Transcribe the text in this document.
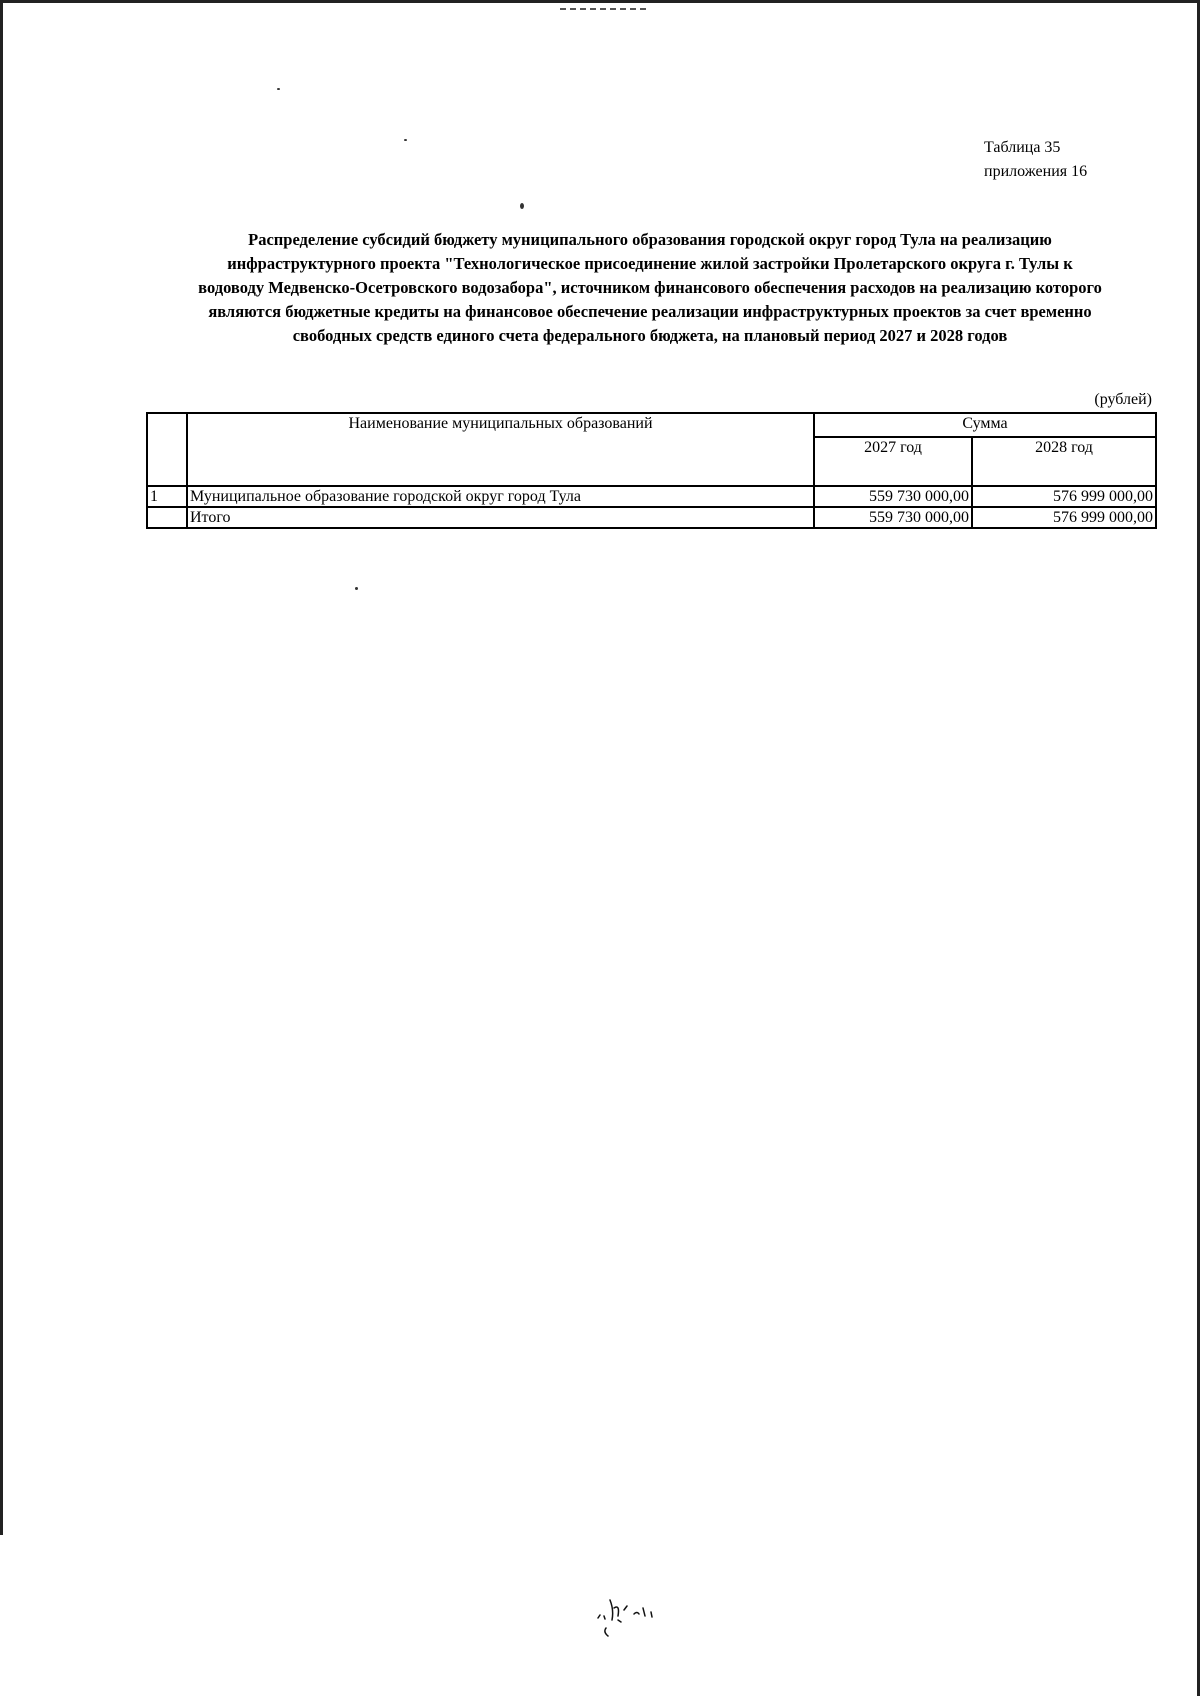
Таблица 35
приложения 16
Распределение субсидий бюджету муниципального образования городской округ город Тула на реализацию
инфраструктурного проекта "Технологическое присоединение жилой застройки Пролетарского округа г. Тулы к
водоводу Медвенско-Осетровского водозабора", источником финансового обеспечения расходов на реализацию которого
являются бюджетные кредиты на финансовое обеспечение реализации инфраструктурных проектов за счет временно
свободных средств единого счета федерального бюджета, на плановый период 2027 и 2028 годов
(рублей)
	Наименование муниципальных образований	Сумма	
		2027 год	2028 год
1	Муниципальное образование городской округ город Тула	559 730 000,00	576 999 000,00
	Итого	559 730 000,00	576 999 000,00
